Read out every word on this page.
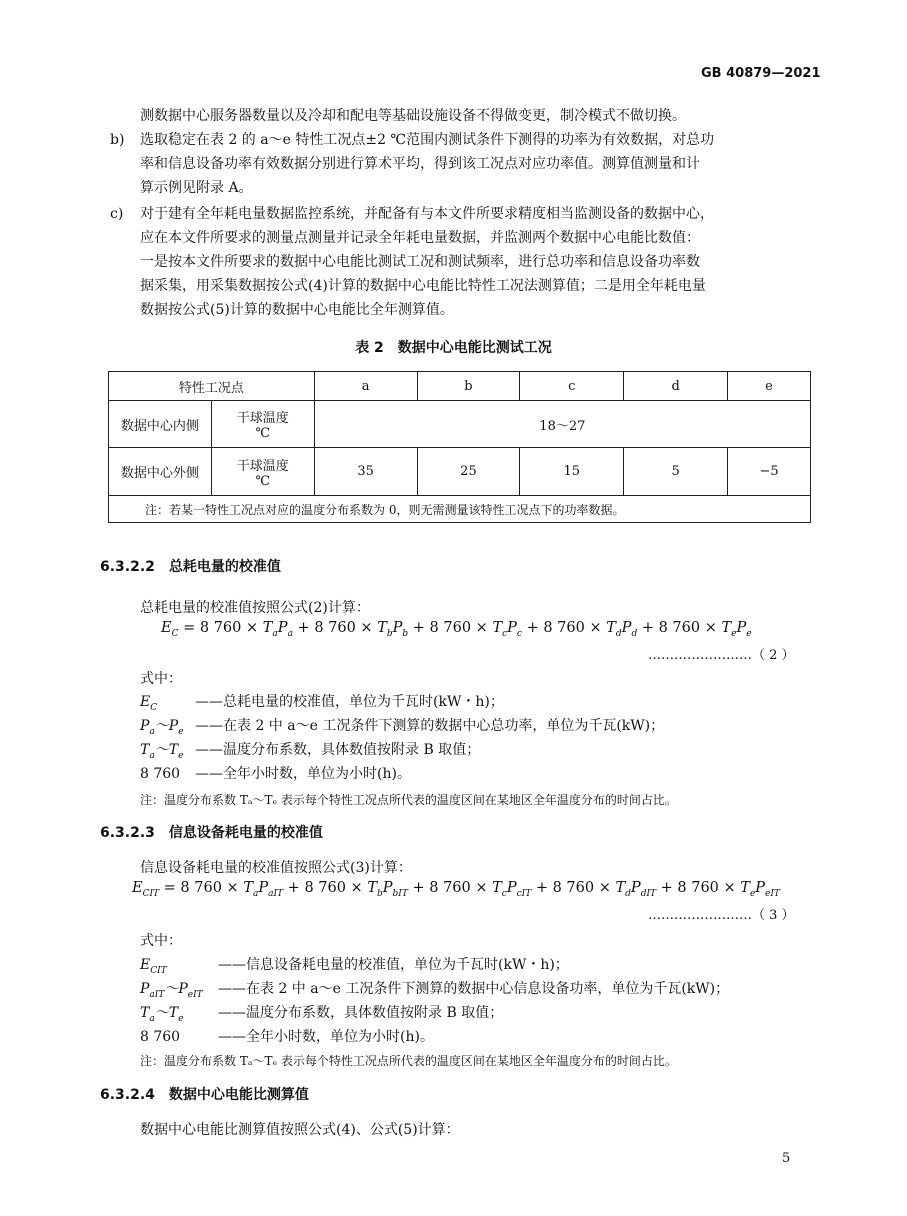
GB 40879—2021
测数据中心服务器数量以及冷却和配电等基础设施设备不得做变更，制冷模式不做切换。
b) 选取稳定在表 2 的 a～e 特性工况点±2 ℃范围内测试条件下测得的功率为有效数据，对总功
率和信息设备功率有效数据分别进行算术平均，得到该工况点对应功率值。测算值测量和计
算示例见附录 A。
c) 对于建有全年耗电量数据监控系统，并配备有与本文件所要求精度相当监测设备的数据中心，
应在本文件所要求的测量点测量并记录全年耗电量数据，并监测两个数据中心电能比数值：
一是按本文件所要求的数据中心电能比测试工况和测试频率，进行总功率和信息设备功率数
据采集，用采集数据按公式(4)计算的数据中心电能比特性工况法测算值；二是用全年耗电量
数据按公式(5)计算的数据中心电能比全年测算值。
表 2　数据中心电能比测试工况
特性工况点		a	b	c	d	e
数据中心内侧	干球温度
℃	18～27				
数据中心外侧	干球温度
℃	35	25	15	5	−5
注：若某一特性工况点对应的温度分布系数为 0，则无需测量该特性工况点下的功率数据。						
6.3.2.2 总耗电量的校准值
总耗电量的校准值按照公式(2)计算：
$E_C = 8$ $760 \times T_aP_a + 8$ $760 \times T_bP_b + 8$ $760 \times T_cP_c + 8$ $760 \times T_dP_d + 8$ $760 \times T_eP_e$
……………………（ 2 ）
式中：
$E_C$	——总耗电量的校准值，单位为千瓦时(kW・h)；
$P_a\sim P_e$ ——在表 2 中 a～e 工况条件下测算的数据中心总功率，单位为千瓦(kW)；
$T_a\sim T_e$ ——温度分布系数，具体数值按附录 B 取值；
8 760 ——全年小时数，单位为小时(h)。
注：温度分布系数 Tₐ～Tₑ 表示每个特性工况点所代表的温度区间在某地区全年温度分布的时间占比。
6.3.2.3 信息设备耗电量的校准值
信息设备耗电量的校准值按照公式(3)计算：
$E_{CIT} = 8$ $760 \times T_aP_{aIT} + 8$ $760 \times T_bP_{bIT} + 8$ $760 \times T_cP_{cIT} + 8$ $760 \times T_dP_{dIT} + 8$ $760 \times T_eP_{eIT}$
……………………（ 3 ）
式中：
$E_{CIT}$	——信息设备耗电量的校准值，单位为千瓦时(kW・h)；
$P_{aIT}\sim P_{eIT}$ ——在表 2 中 a～e 工况条件下测算的数据中心信息设备功率，单位为千瓦(kW)；
$T_a\sim T_e$ ——温度分布系数，具体数值按附录 B 取值；
8 760	——全年小时数，单位为小时(h)。
注：温度分布系数 Tₐ～Tₑ 表示每个特性工况点所代表的温度区间在某地区全年温度分布的时间占比。
6.3.2.4 数据中心电能比测算值
数据中心电能比测算值按照公式(4)、公式(5)计算：
5
